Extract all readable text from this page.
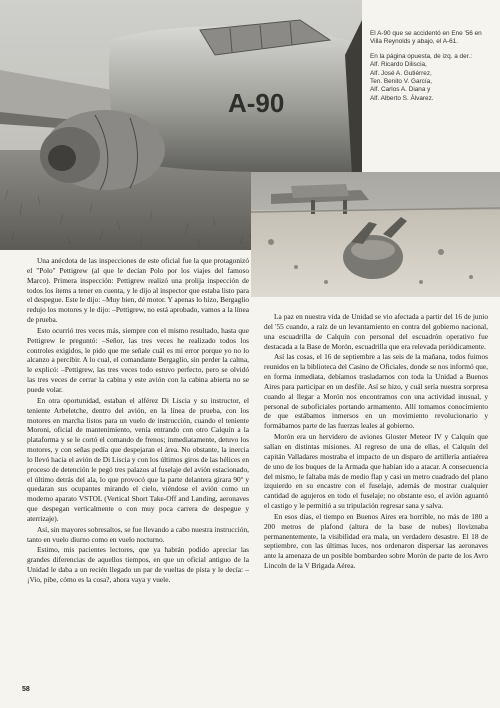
A-90

El A-90 que se accidentó en Ene '56 en Villa Reynolds y abajo, el A-61.

En la página opuesta, de izq. a der.:
Alf. Ricardo Diliscia,
Alf. José A. Gutiérrez,
Ten. Benito V. García,
Alf. Carlos A. Diana y
Alf. Alberto S. Álvarez.

Una anécdota de las inspecciones de este oficial fue la que protagonizó el "Polo" Pettigrew (al que le decían Polo por los viajes del famoso Marco). Primera inspección: Pettigrew realizó una prolija inspección de todos los ítems a tener en cuenta, y le dijo al inspector que estaba listo para el despegue. Este le dijo: –Muy bien, dé motor. Y apenas lo hizo, Bergaglio redujo los motores y le dijo: –Pettigrew, no está aprobado, vamos a la línea de prueba.

Esto ocurrió tres veces más, siempre con el mismo resultado, hasta que Pettigrew le preguntó: –Señor, las tres veces he realizado todos los controles exigidos, le pido que me señale cuál es mi error porque yo no lo alcanzo a percibir. A lo cual, el comandante Bergaglio, sin perder la calma, le explicó: –Pettigrew, las tres veces todo estuvo perfecto, pero se olvidó las tres veces de cerrar la cabina y este avión con la cabina abierta no se puede volar.

En otra oportunidad, estaban el alférez Di Liscia y su instructor, el teniente Arbeletche, dentro del avión, en la línea de prueba, con los motores en marcha listos para un vuelo de instrucción, cuando el teniente Moroni, oficial de mantenimiento, venía entrando con otro Calquín a la plataforma y se le cortó el comando de frenos; inmediatamente, detuvo los motores, y con señas pedía que despejaran el área. No obstante, la inercia lo llevó hacia el avión de Di Liscia y con los últimos giros de las hélices en proceso de detención le pegó tres palazos al fuselaje del avión estacionado, el último detrás del ala, lo que provocó que la parte delantera girara 90º y quedaran sus ocupantes mirando el cielo, viéndose el avión como un moderno aparato VSTOL (Vertical Short Take-Off and Landing, aeronaves que despegan verticalmente o con muy poca carrera de despegue y aterrizaje).

Así, sin mayores sobresaltos, se fue llevando a cabo nuestra instrucción, tanto en vuelo diurno como en vuelo nocturno.

Estimo, mis pacientes lectores, que ya habrán podido apreciar las grandes diferencias de aquellos tiempos, en que un oficial antiguo de la Unidad le daba a un recién llegado un par de vueltas de pista y le decía: –¡Vio, pibe, cómo es la cosa?, ahora vaya y vuele.

La paz en nuestra vida de Unidad se vio afectada a partir del 16 de junio del '55 cuando, a raíz de un levantamiento en contra del gobierno nacional, una escuadrilla de Calquín con personal del escuadrón operativo fue destacada a la Base de Morón, escuadrilla que era relevada periódicamente.

Así las cosas, el 16 de septiembre a las seis de la mañana, todos fuimos reunidos en la biblioteca del Casino de Oficiales, donde se nos informó que, en forma inmediata, debíamos trasladarnos con toda la Unidad a Buenos Aires para participar en un desfile. Así se hizo, y cuál sería nuestra sorpresa cuando al llegar a Morón nos encontramos con una actividad inusual, y personal de suboficiales portando armamento. Allí tomamos conocimiento de que estábamos inmersos en un movimiento revolucionario y formábamos parte de las fuerzas leales al gobierno.

Morón era un hervidero de aviones Gloster Meteor IV y Calquín que salían en distintas misiones. Al regreso de una de ellas, el Calquín del capitán Valladares mostraba el impacto de un disparo de artillería antiaérea de uno de los buques de la Armada que habían ido a atacar. A consecuencia del mismo, le faltaba más de medio flap y casi un metro cuadrado del plano izquierdo en su encastre con el fuselaje, además de mostrar cualquier cantidad de agujeros en todo el fuselaje; no obstante eso, el avión aguantó el castigo y le permitió a su tripulación regresar sana y salva.

En esos días, el tiempo en Buenos Aires era horrible, no más de 180 a 200 metros de plafond (altura de la base de nubes) lloviznaba permanentemente, la visibilidad era mala, un verdadero desastre. El 18 de septiembre, con las últimas luces, nos ordenaron dispersar las aeronaves ante la amenaza de un posible bombardeo sobre Morón de parte de los Avro Lincoln de la V Brigada Aérea.

58
